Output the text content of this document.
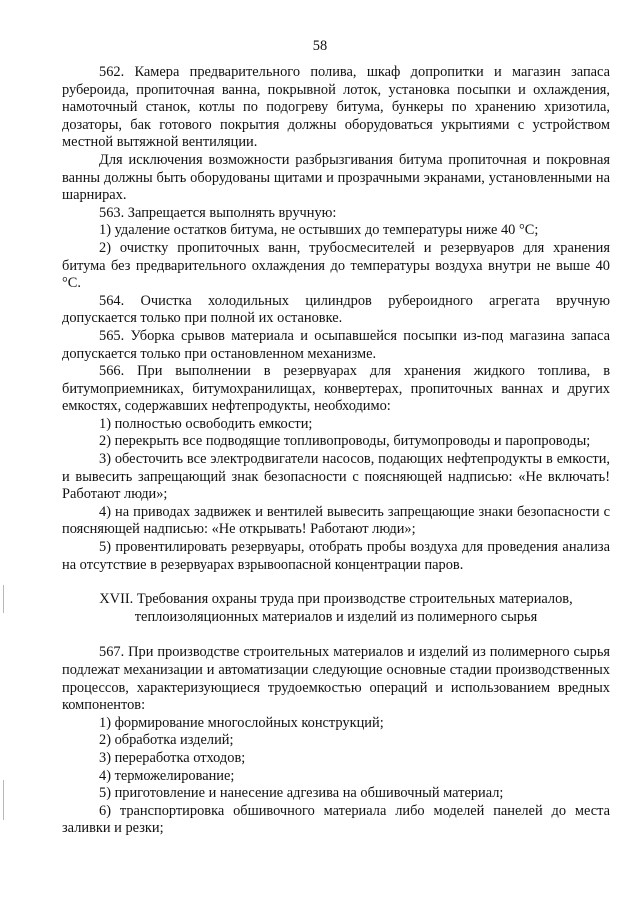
58

562. Камера предварительного полива, шкаф допропитки и магазин запаса рубероида, пропиточная ванна, покрывной лоток, установка посыпки и охлаждения, намоточный станок, котлы по подогреву битума, бункеры по хранению хризотила, дозаторы, бак готового покрытия должны оборудоваться укрытиями с устройством местной вытяжной вентиляции.

Для исключения возможности разбрызгивания битума пропиточная и покровная ванны должны быть оборудованы щитами и прозрачными экранами, установленными на шарнирах.

563. Запрещается выполнять вручную:

1) удаление остатков битума, не остывших до температуры ниже 40 °C;

2) очистку пропиточных ванн, трубосмесителей и резервуаров для хранения битума без предварительного охлаждения до температуры воздуха внутри не выше 40 °C.

564. Очистка холодильных цилиндров рубероидного агрегата вручную допускается только при полной их остановке.

565. Уборка срывов материала и осыпавшейся посыпки из-под магазина запаса допускается только при остановленном механизме.

566. При выполнении в резервуарах для хранения жидкого топлива, в битумоприемниках, битумохранилищах, конвертерах, пропиточных ваннах и других емкостях, содержавших нефтепродукты, необходимо:

1) полностью освободить емкости;

2) перекрыть все подводящие топливопроводы, битумопроводы и паропроводы;

3) обесточить все электродвигатели насосов, подающих нефтепродукты в емкости, и вывесить запрещающий знак безопасности с поясняющей надписью: «Не включать! Работают люди»;

4) на приводах задвижек и вентилей вывесить запрещающие знаки безопасности с поясняющей надписью: «Не открывать! Работают люди»;

5) провентилировать резервуары, отобрать пробы воздуха для проведения анализа на отсутствие в резервуарах взрывоопасной концентрации паров.

XVII. Требования охраны труда при производстве строительных материалов, теплоизоляционных материалов и изделий из полимерного сырья

567. При производстве строительных материалов и изделий из полимерного сырья подлежат механизации и автоматизации следующие основные стадии производственных процессов, характеризующиеся трудоемкостью операций и использованием вредных компонентов:

1) формирование многослойных конструкций;

2) обработка изделий;

3) переработка отходов;

4) терможелирование;

5) приготовление и нанесение адгезива на обшивочный материал;

6) транспортировка обшивочного материала либо моделей панелей до места заливки и резки;
